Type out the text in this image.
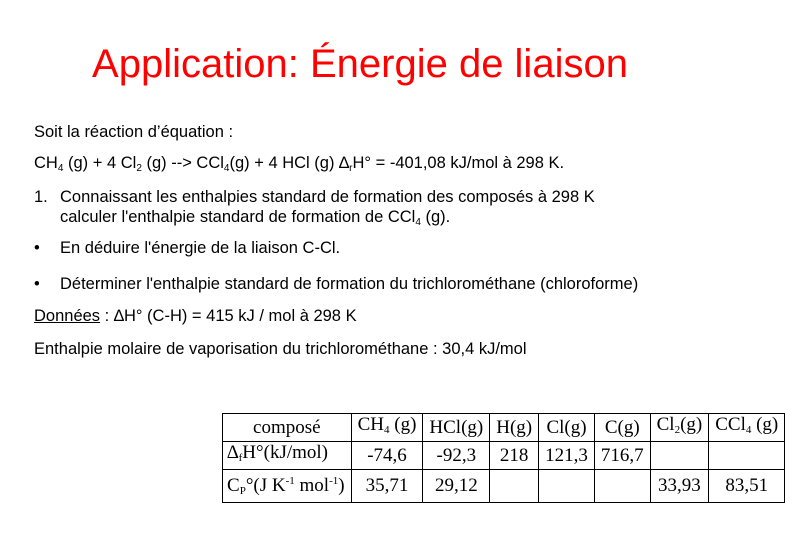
Application: Énergie de liaison
Soit la réaction d’équation :
$CH_4$ (g) + 4 $Cl_2$ (g) --> CCl$_4$(g) + 4 HCl (g) $\Delta_rH^\circ = -401,08$ kJ/mol à 298 K.
1. Connaissant les enthalpies standard de formation des composés à 298 K
calculer l'enthalpie standard de formation de CCl$_4$ (g).
• En déduire l'énergie de la liaison C-Cl.
• Déterminer l'enthalpie standard de formation du trichlorométhane (chloroforme)
Données : ∆H° (C-H) = 415 kJ / mol à 298 K
Enthalpie molaire de vaporisation du trichlorométhane : 30,4 kJ/mol
composé	CH4 (g)	HCl(g)	H(g)	Cl(g)	C(g)	Cl2(g)	CCl4 (g)
∆fH°(kJ/mol)	-74,6	-92,3	218	121,3	716,7		
CP°(J $K^{-1}$ mol$^{-1}$)	35,71	29,12				33,93	83,51
